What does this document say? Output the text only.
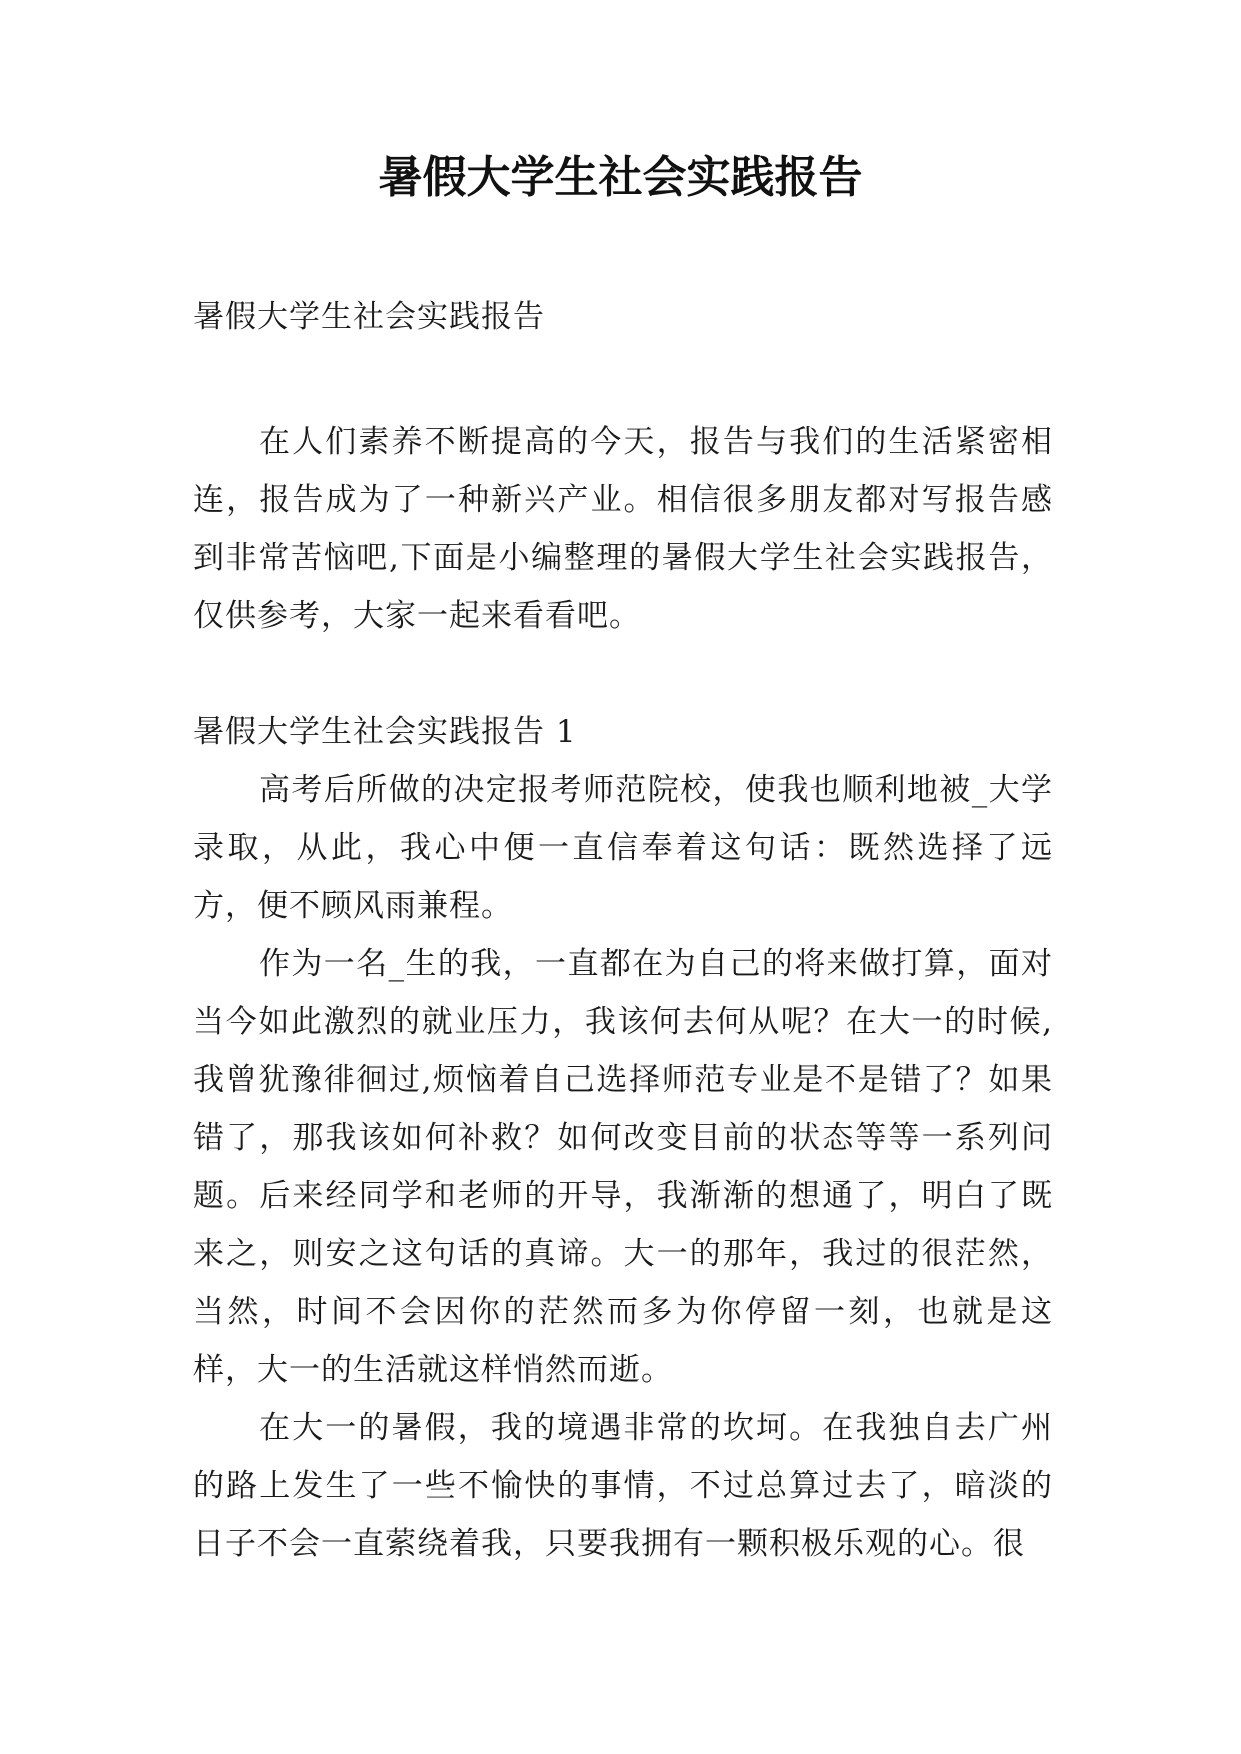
暑假大学生社会实践报告

暑假大学生社会实践报告

在人们素养不断提高的今天，报告与我们的生活紧密相连，报告成为了一种新兴产业。相信很多朋友都对写报告感到非常苦恼吧,下面是小编整理的暑假大学生社会实践报告，仅供参考，大家一起来看看吧。

暑假大学生社会实践报告 1

高考后所做的决定报考师范院校，使我也顺利地被_大学录取，从此，我心中便一直信奉着这句话：既然选择了远方，便不顾风雨兼程。

作为一名_生的我，一直都在为自己的将来做打算，面对当今如此激烈的就业压力，我该何去何从呢？在大一的时候,我曾犹豫徘徊过,烦恼着自己选择师范专业是不是错了？如果错了，那我该如何补救？如何改变目前的状态等等一系列问题。后来经同学和老师的开导，我渐渐的想通了，明白了既来之，则安之这句话的真谛。大一的那年，我过的很茫然，当然，时间不会因你的茫然而多为你停留一刻，也就是这样，大一的生活就这样悄然而逝。

在大一的暑假，我的境遇非常的坎坷。在我独自去广州的路上发生了一些不愉快的事情，不过总算过去了，暗淡的日子不会一直萦绕着我，只要我拥有一颗积极乐观的心。很
